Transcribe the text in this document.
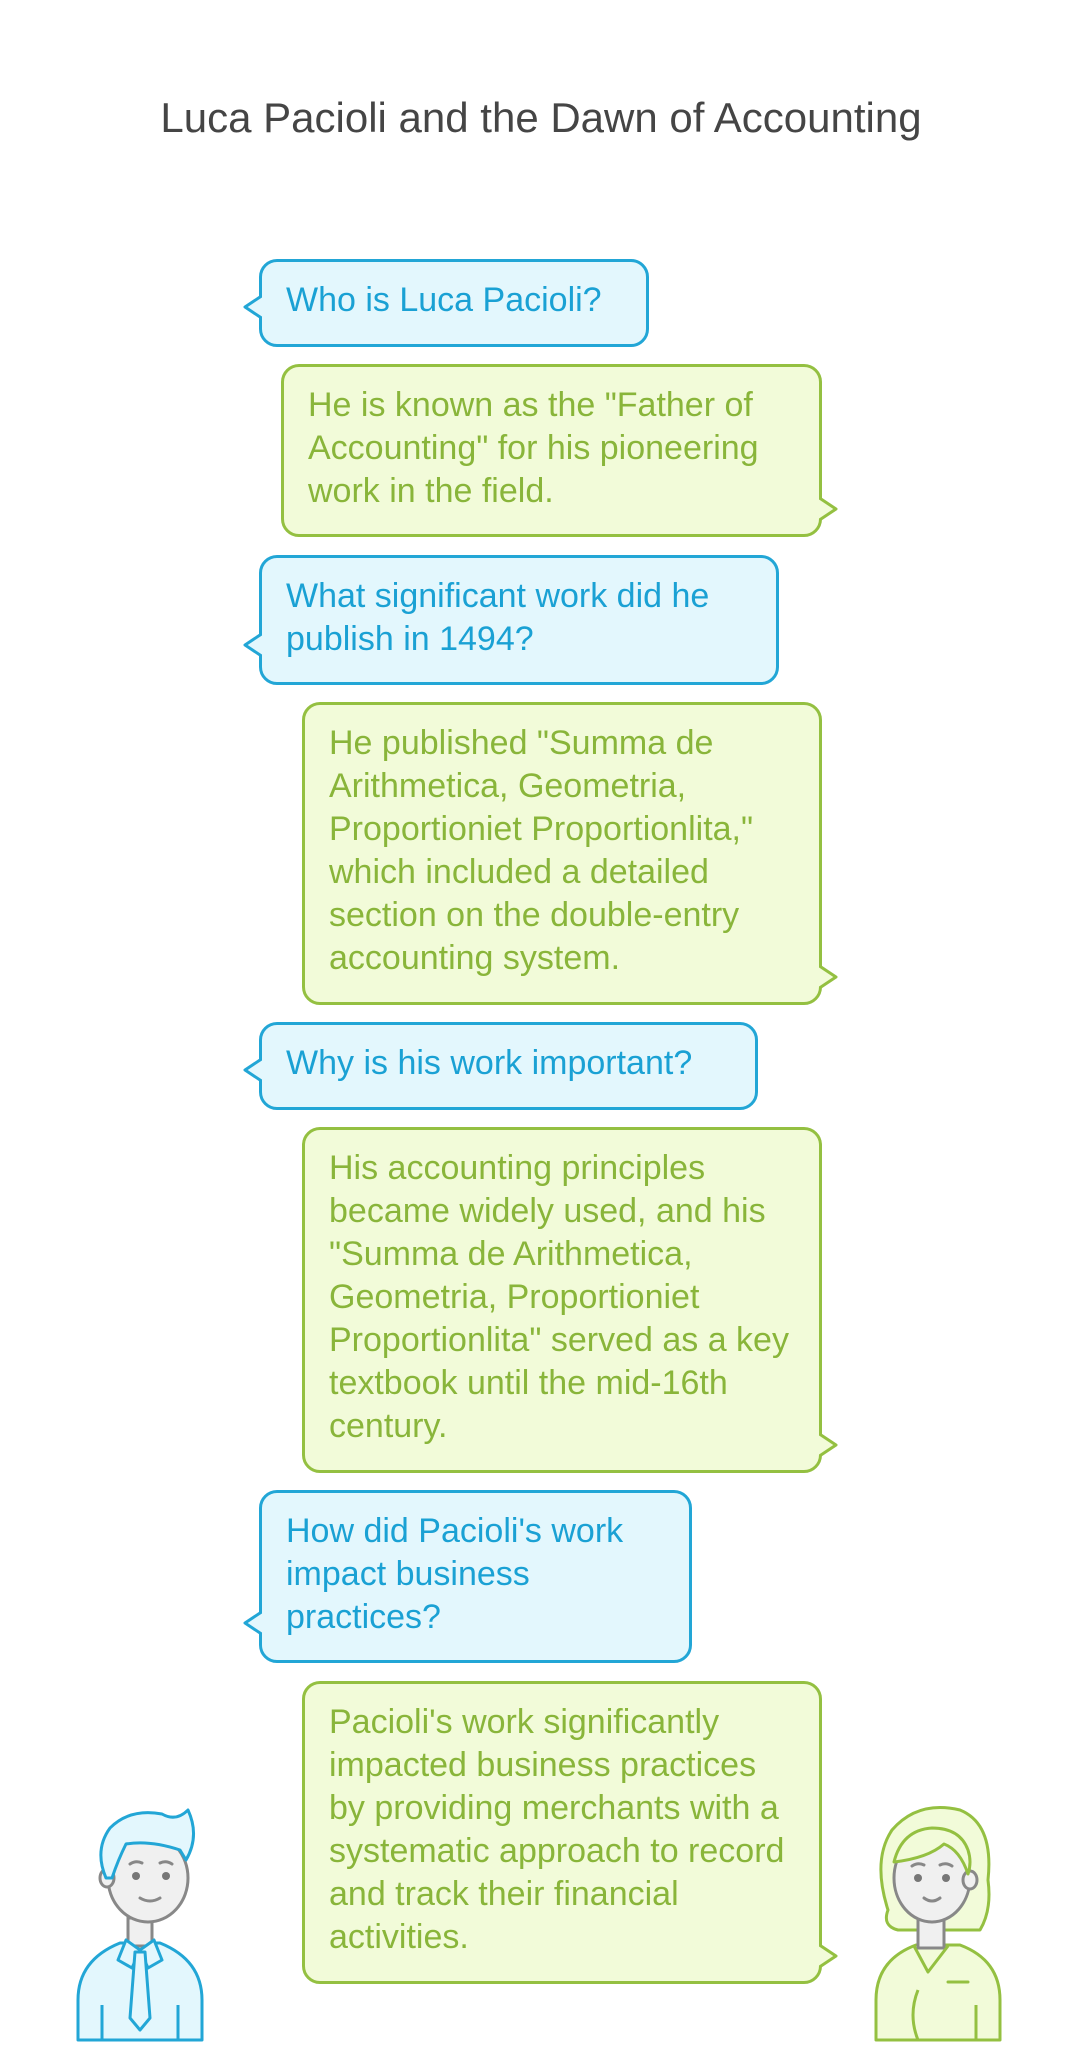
Luca Pacioli and the Dawn of Accounting
Who is Luca Pacioli?
He is known as the "Father of Accounting" for his pioneering work in the field.
What significant work did he publish in 1494?
He published "Summa de Arithmetica, Geometria, Proportioniet Proportionlita," which included a detailed section on the double-entry accounting system.
Why is his work important?
His accounting principles became widely used, and his "Summa de Arithmetica, Geometria, Proportioniet Proportionlita" served as a key textbook until the mid-16th century.
How did Pacioli's work impact business practices?
Pacioli's work significantly impacted business practices by providing merchants with a systematic approach to record and track their financial activities.
